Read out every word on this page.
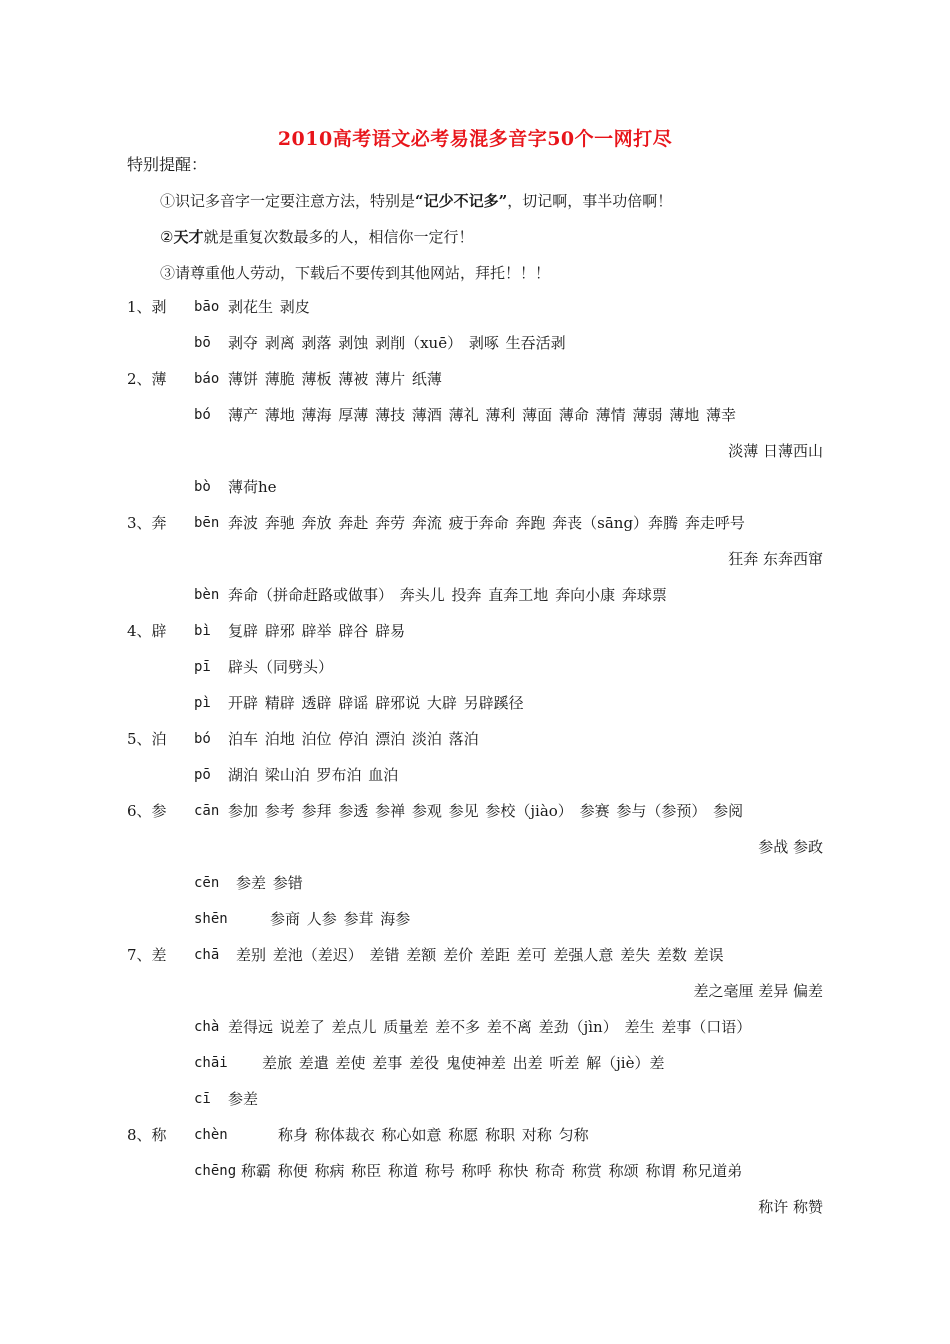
2010高考语文必考易混多音字50个一网打尽
特别提醒：
①识记多音字一定要注意方法，特别是“记少不记多”，切记啊，事半功倍啊！
②天才就是重复次数最多的人，相信你一定行！
③请尊重他人劳动，下载后不要传到其他网站，拜托！！！
1、剥 bāo 剥花生 剥皮
bō 剥夺 剥离 剥落 剥蚀 剥削（xuē） 剥啄 生吞活剥
2、薄 báo 薄饼 薄脆 薄板 薄被 薄片 纸薄
bó 薄产 薄地 薄海 厚薄 薄技 薄酒 薄礼 薄利 薄面 薄命 薄情 薄弱 薄地 薄幸
淡薄 日薄西山
bò 薄荷he
3、奔 bēn 奔波 奔驰 奔放 奔赴 奔劳 奔流 疲于奔命 奔跑 奔丧（sāng）奔腾 奔走呼号
狂奔 东奔西窜
bèn 奔命（拼命赶路或做事） 奔头儿 投奔 直奔工地 奔向小康 奔球票
4、辟 bì 复辟 辟邪 辟举 辟谷 辟易
pī 辟头（同劈头）
pì 开辟 精辟 透辟 辟谣 辟邪说 大辟 另辟蹊径
5、泊 bó 泊车 泊地 泊位 停泊 漂泊 淡泊 落泊
pō 湖泊 梁山泊 罗布泊 血泊
6、参 cān 参加 参考 参拜 参透 参禅 参观 参见 参校（jiào） 参赛 参与（参预） 参阅
参战 参政
cēn 参差 参错
shēn	参商 人参 参茸 海参
7、差 chā 差别 差池（差迟） 差错 差额 差价 差距 差可 差强人意 差失 差数 差误
差之毫厘 差异 偏差
chà 差得远 说差了 差点儿 质量差 差不多 差不离 差劲（jìn） 差生 差事（口语）
chāi 差旅 差遣 差使 差事 差役 鬼使神差 出差 听差 解（jiè）差
cī 参差
8、称 chèn	称身 称体裁衣 称心如意 称愿 称职 对称 匀称
chēng 称霸 称便 称病 称臣 称道 称号 称呼 称快 称奇 称赏 称颂 称谓 称兄道弟
称许 称赞
